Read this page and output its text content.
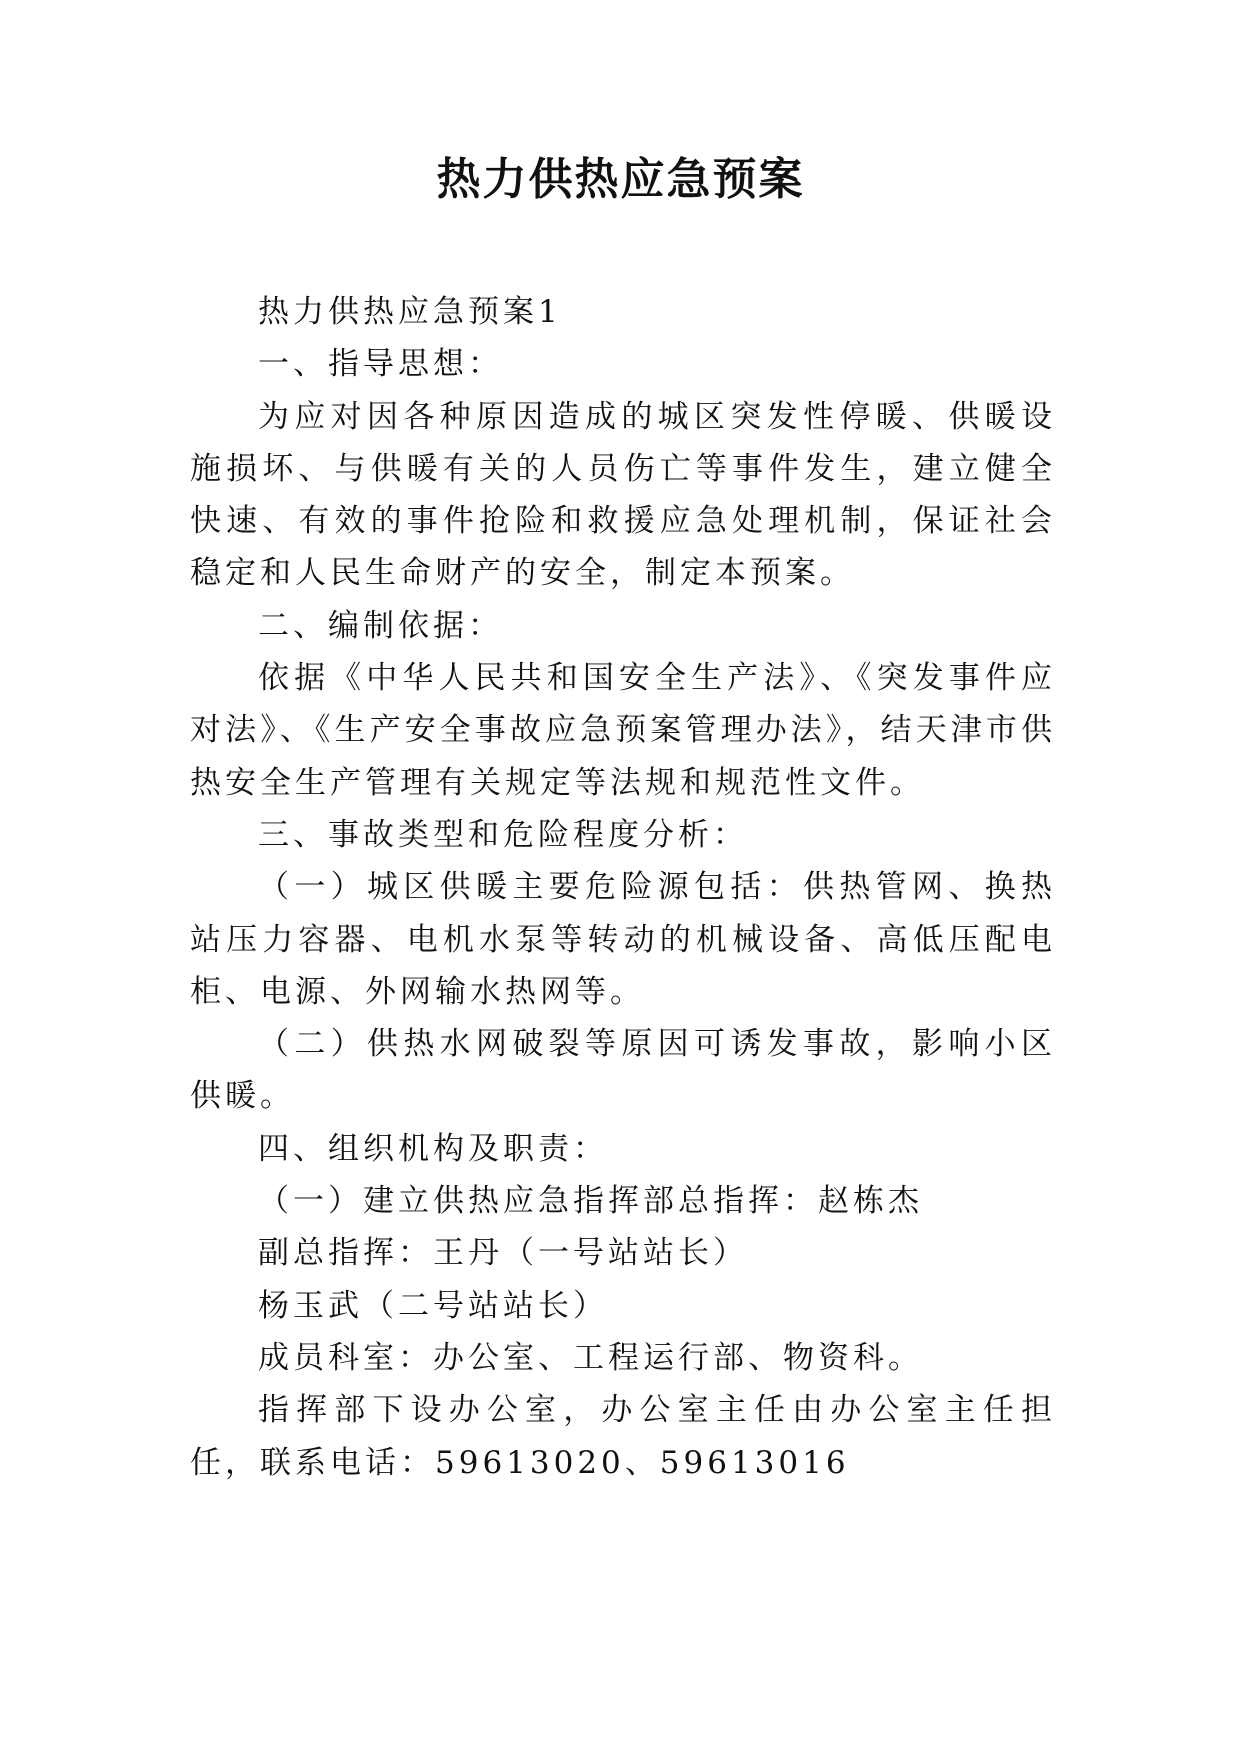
热力供热应急预案

热力供热应急预案1

一、指导思想：

为应对因各种原因造成的城区突发性停暖、供暖设施损坏、与供暖有关的人员伤亡等事件发生，建立健全快速、有效的事件抢险和救援应急处理机制，保证社会稳定和人民生命财产的安全，制定本预案。

二、编制依据：

依据《中华人民共和国安全生产法》、《突发事件应对法》、《生产安全事故应急预案管理办法》，结天津市供热安全生产管理有关规定等法规和规范性文件。

三、事故类型和危险程度分析：

（一）城区供暖主要危险源包括：供热管网、换热站压力容器、电机水泵等转动的机械设备、高低压配电柜、电源、外网输水热网等。

（二）供热水网破裂等原因可诱发事故，影响小区供暖。

四、组织机构及职责：

（一）建立供热应急指挥部总指挥：赵栋杰

副总指挥：王丹（一号站站长）

杨玉武（二号站站长）

成员科室：办公室、工程运行部、物资科。

指挥部下设办公室，办公室主任由办公室主任担任，联系电话：59613020、59613016
